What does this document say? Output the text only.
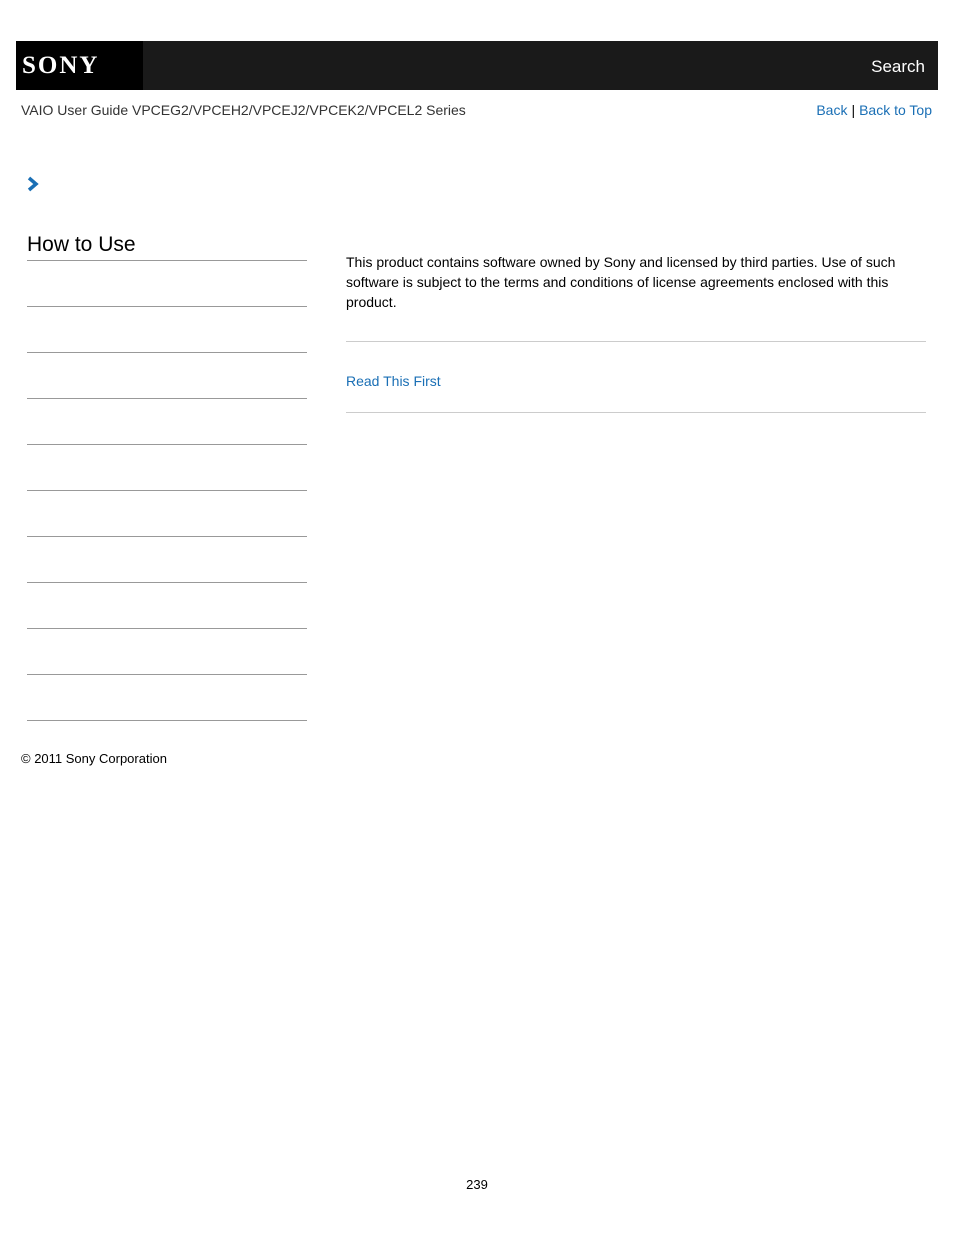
SONY	Search
VAIO User Guide VPCEG2/VPCEH2/VPCEJ2/VPCEK2/VPCEL2 Series	Back | Back to Top
How to Use

This product contains software owned by Sony and licensed by third parties. Use of such software is subject to the terms and conditions of license agreements enclosed with this product.

Read This First
© 2011 Sony Corporation
239
